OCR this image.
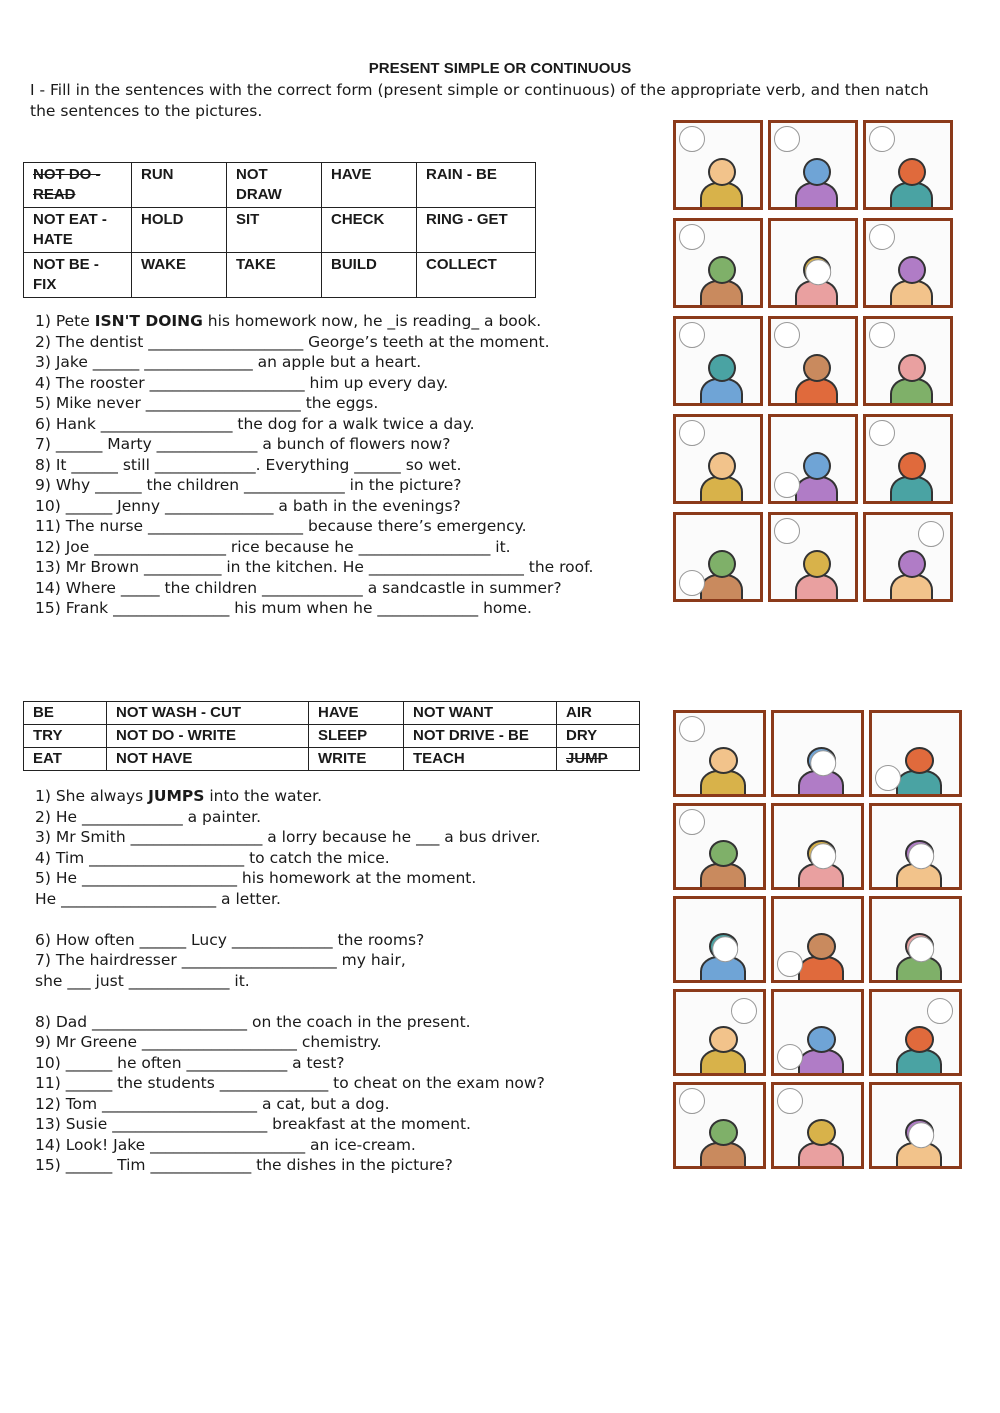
PRESENT SIMPLE OR CONTINUOUS
I - Fill in the sentences with the correct form (present simple or continuous) of the appropriate verb, and then natch the sentences to the pictures.
NOT DO - READ	RUN	NOT DRAW	HAVE	RAIN - BE
NOT EAT - HATE	HOLD	SIT	CHECK	RING - GET
NOT BE - FIX	WAKE	TAKE	BUILD	COLLECT
1) Pete ISN'T DOING his homework now, he _is reading_ a book.
2) The dentist ____________________ George’s teeth at the moment.
3) Jake ______ ______________ an apple but a heart.
4) The rooster ____________________ him up every day.
5) Mike never ____________________ the eggs.
6) Hank _________________ the dog for a walk twice a day.
7) ______ Marty _____________ a bunch of flowers now?
8) It ______ still _____________. Everything ______ so wet.
9) Why ______ the children _____________ in the picture?
10) ______ Jenny ______________ a bath in the evenings?
11) The nurse ____________________ because there’s emergency.
12) Joe _________________ rice because he _________________ it.
13) Mr Brown __________ in the kitchen. He ____________________ the roof.
14) Where _____ the children _____________ a sandcastle in summer?
15) Frank _______________ his mum when he _____________ home.
BE	NOT WASH - CUT	HAVE	NOT WANT	AIR
TRY	NOT DO - WRITE	SLEEP	NOT DRIVE - BE	DRY
EAT	NOT HAVE	WRITE	TEACH	JUMP
1) She always JUMPS into the water.
2) He _____________ a painter.
3) Mr Smith _________________ a lorry because he ___ a bus driver.
4) Tim ____________________ to catch the mice.
5) He ____________________ his homework at the moment.
He ____________________ a letter.
6) How often ______ Lucy _____________ the rooms?
7) The hairdresser ____________________ my hair,
she ___ just _____________ it.
8) Dad ____________________ on the coach in the present.
9) Mr Greene ____________________ chemistry.
10) ______ he often _____________ a test?
11) ______ the students ______________ to cheat on the exam now?
12) Tom ____________________ a cat, but a dog.
13) Susie ____________________ breakfast at the moment.
14) Look! Jake ____________________ an ice-cream.
15) ______ Tim _____________ the dishes in the picture?
